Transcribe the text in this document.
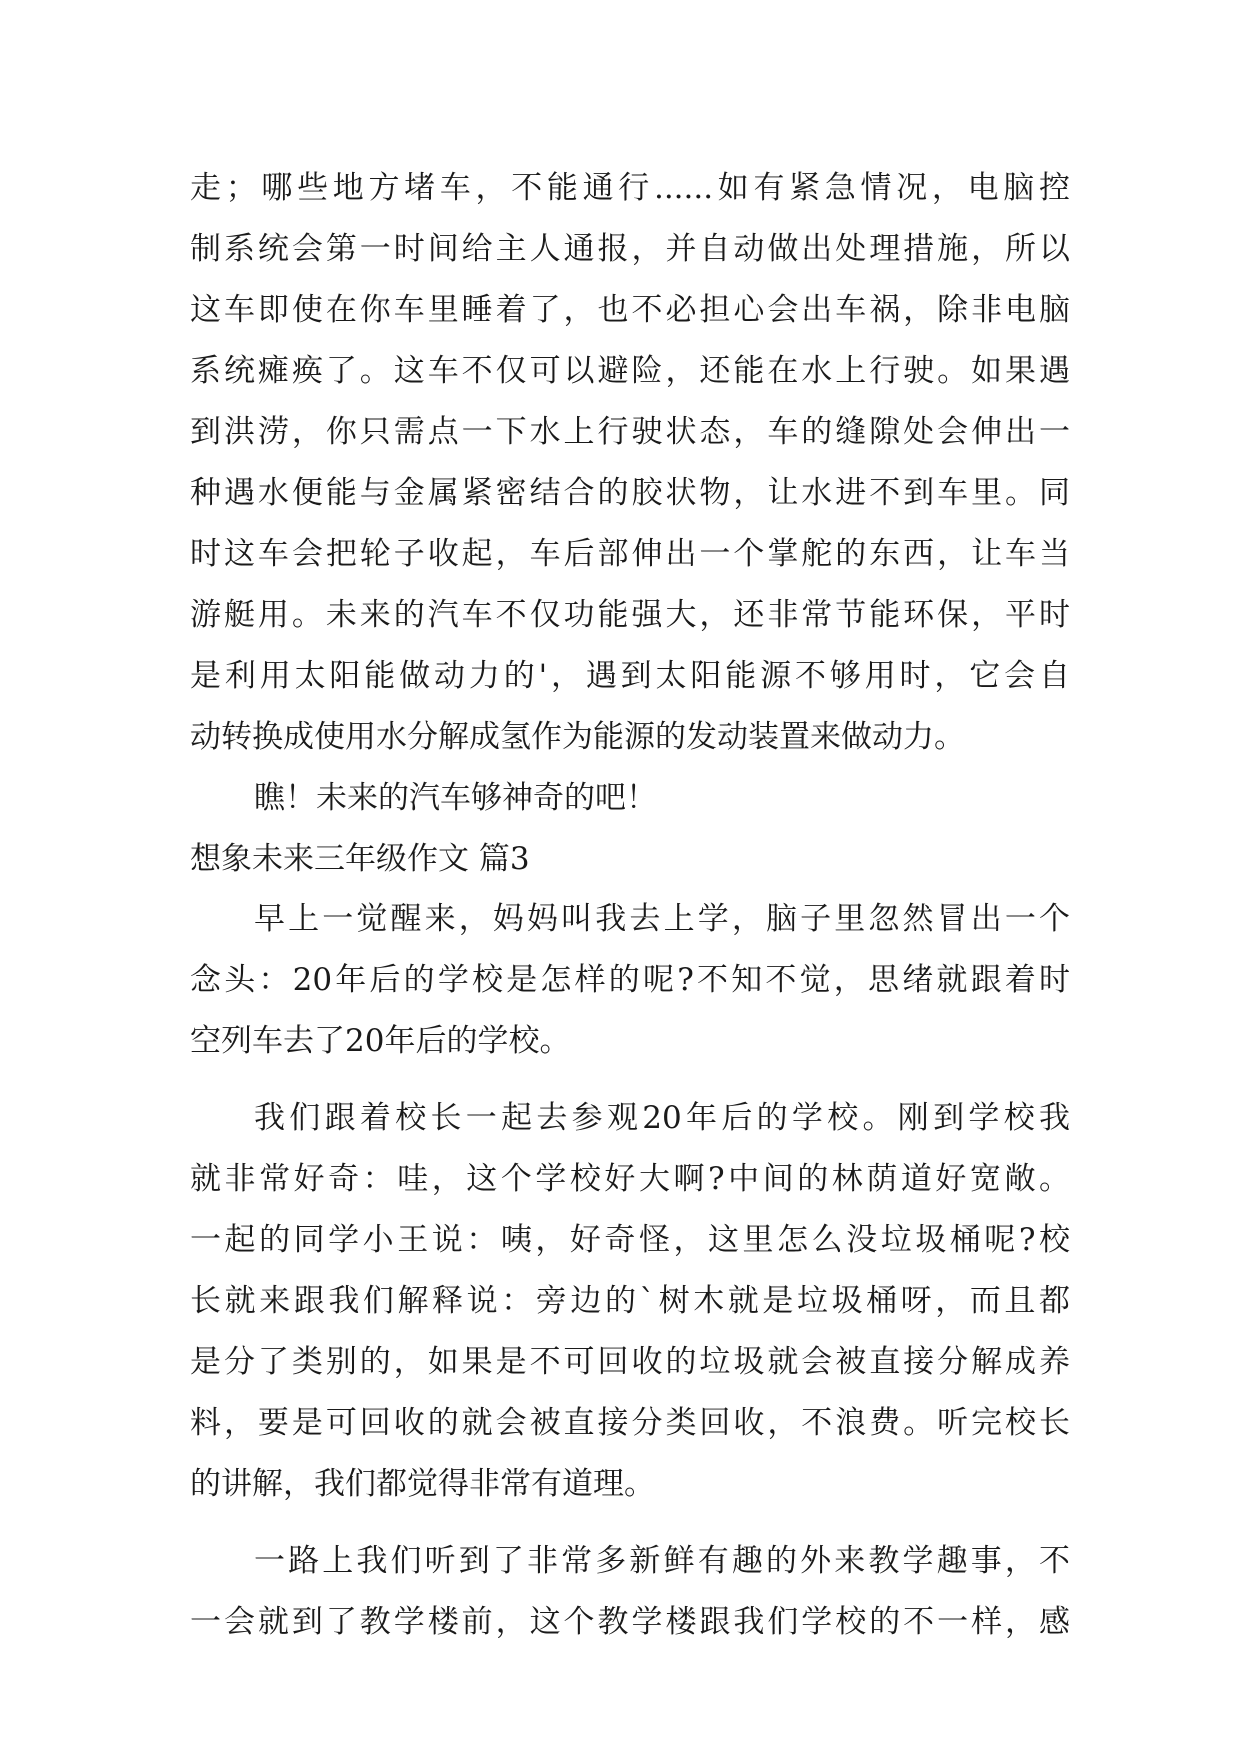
走；哪些地方堵车，不能通行......如有紧急情况，电脑控
制系统会第一时间给主人通报，并自动做出处理措施，所以
这车即使在你车里睡着了，也不必担心会出车祸，除非电脑
系统瘫痪了。这车不仅可以避险，还能在水上行驶。如果遇
到洪涝，你只需点一下水上行驶状态，车的缝隙处会伸出一
种遇水便能与金属紧密结合的胶状物，让水进不到车里。同
时这车会把轮子收起，车后部伸出一个掌舵的东西，让车当
游艇用。未来的汽车不仅功能强大，还非常节能环保，平时
是利用太阳能做动力的'，遇到太阳能源不够用时，它会自
动转换成使用水分解成氢作为能源的发动装置来做动力。
瞧！未来的汽车够神奇的吧！
想象未来三年级作文 篇3
早上一觉醒来，妈妈叫我去上学，脑子里忽然冒出一个
念头：20年后的学校是怎样的呢?不知不觉，思绪就跟着时
空列车去了20年后的学校。
我们跟着校长一起去参观20年后的学校。刚到学校我
就非常好奇：哇，这个学校好大啊?中间的林荫道好宽敞。
一起的同学小王说：咦，好奇怪，这里怎么没垃圾桶呢?校
长就来跟我们解释说：旁边的`树木就是垃圾桶呀，而且都
是分了类别的，如果是不可回收的垃圾就会被直接分解成养
料，要是可回收的就会被直接分类回收，不浪费。听完校长
的讲解，我们都觉得非常有道理。
一路上我们听到了非常多新鲜有趣的外来教学趣事，不
一会就到了教学楼前，这个教学楼跟我们学校的不一样，感
